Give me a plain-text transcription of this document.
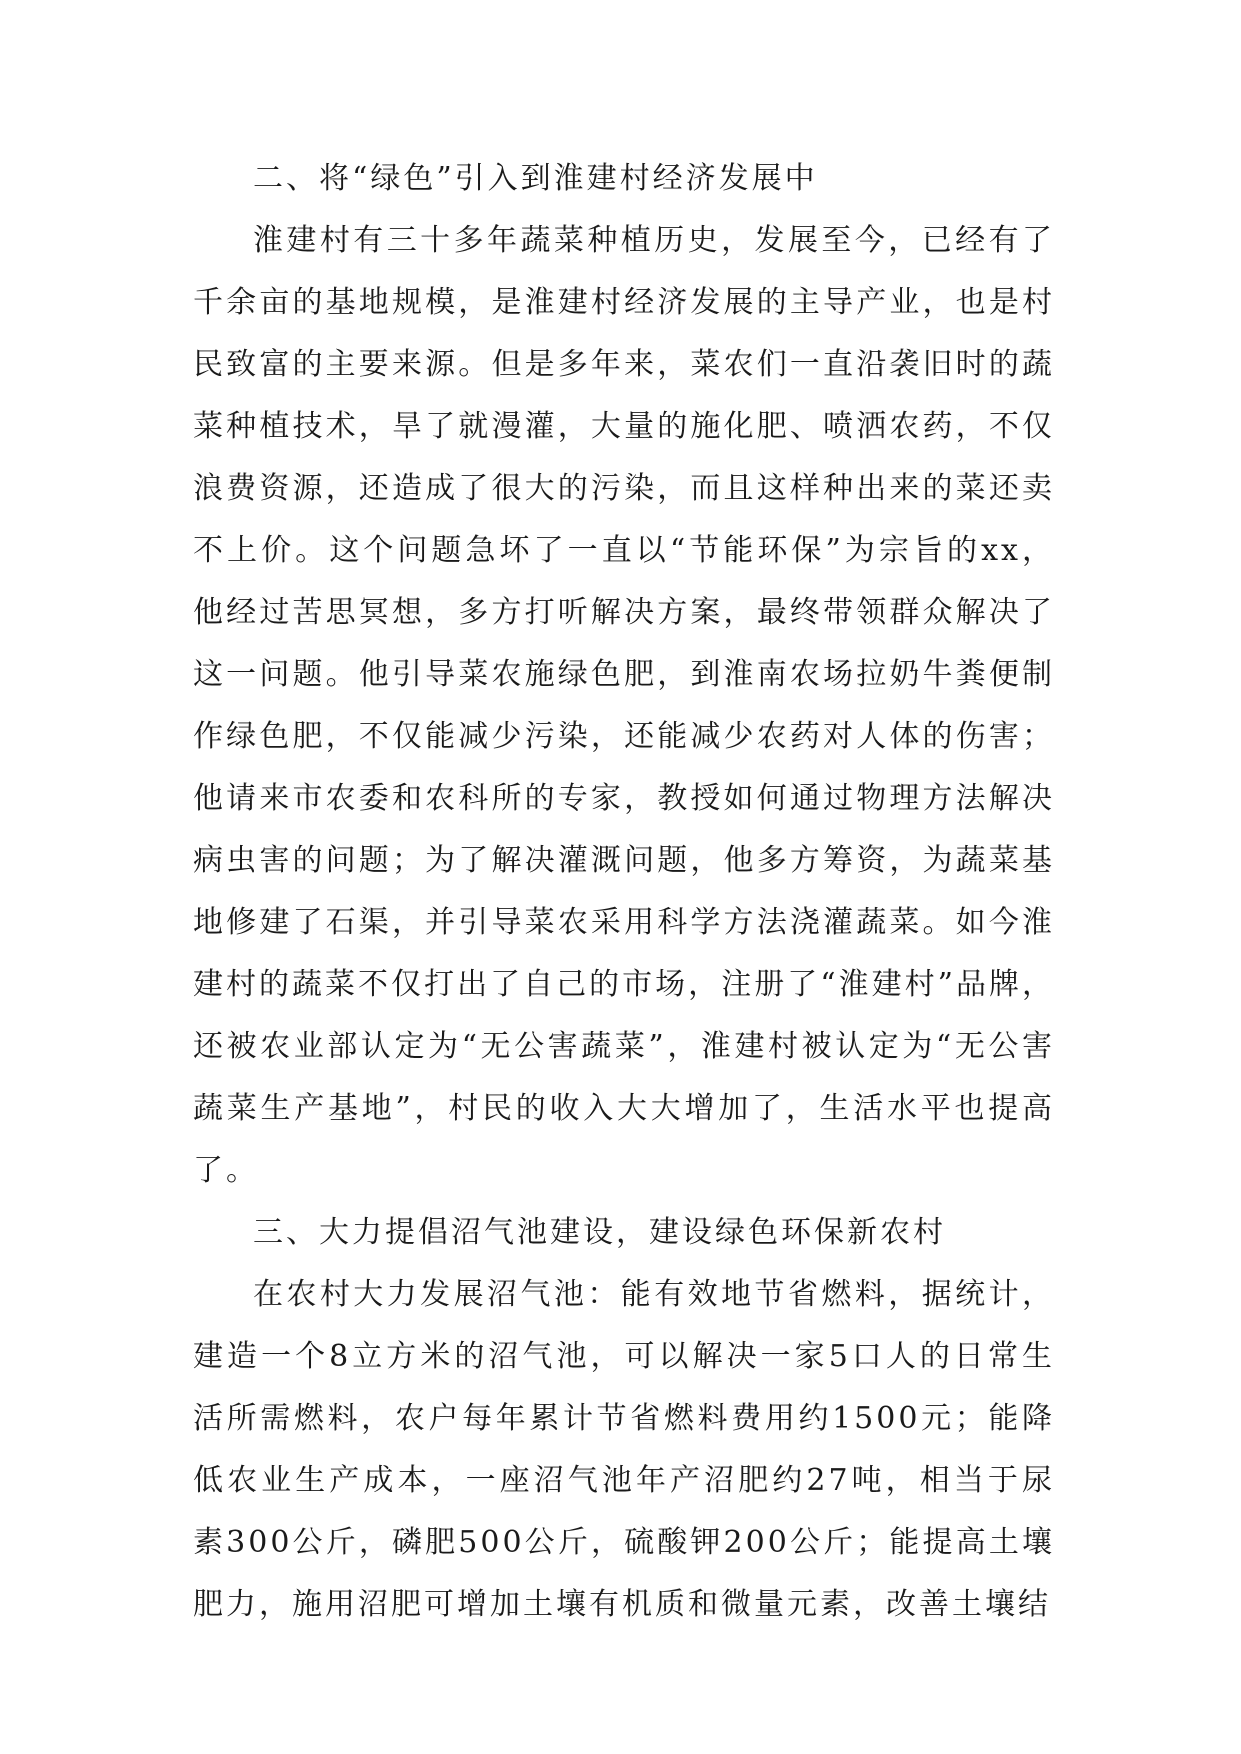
二、将“绿色”引入到淮建村经济发展中

淮建村有三十多年蔬菜种植历史，发展至今，已经有了千余亩的基地规模，是淮建村经济发展的主导产业，也是村民致富的主要来源。但是多年来，菜农们一直沿袭旧时的蔬菜种植技术，旱了就漫灌，大量的施化肥、喷洒农药，不仅浪费资源，还造成了很大的污染，而且这样种出来的菜还卖不上价。这个问题急坏了一直以“节能环保”为宗旨的xx，他经过苦思冥想，多方打听解决方案，最终带领群众解决了这一问题。他引导菜农施绿色肥，到淮南农场拉奶牛粪便制作绿色肥，不仅能减少污染，还能减少农药对人体的伤害；他请来市农委和农科所的专家，教授如何通过物理方法解决病虫害的问题；为了解决灌溉问题，他多方筹资，为蔬菜基地修建了石渠，并引导菜农采用科学方法浇灌蔬菜。如今淮建村的蔬菜不仅打出了自己的市场，注册了“淮建村”品牌，还被农业部认定为“无公害蔬菜”，淮建村被认定为“无公害蔬菜生产基地”，村民的收入大大增加了，生活水平也提高了。

三、大力提倡沼气池建设，建设绿色环保新农村

在农村大力发展沼气池：能有效地节省燃料，据统计，建造一个8立方米的沼气池，可以解决一家5口人的日常生活所需燃料，农户每年累计节省燃料费用约1500元；能降低农业生产成本，一座沼气池年产沼肥约27吨，相当于尿素300公斤，磷肥500公斤，硫酸钾200公斤；能提高土壤肥力，施用沼肥可增加土壤有机质和微量元素，改善土壤结
